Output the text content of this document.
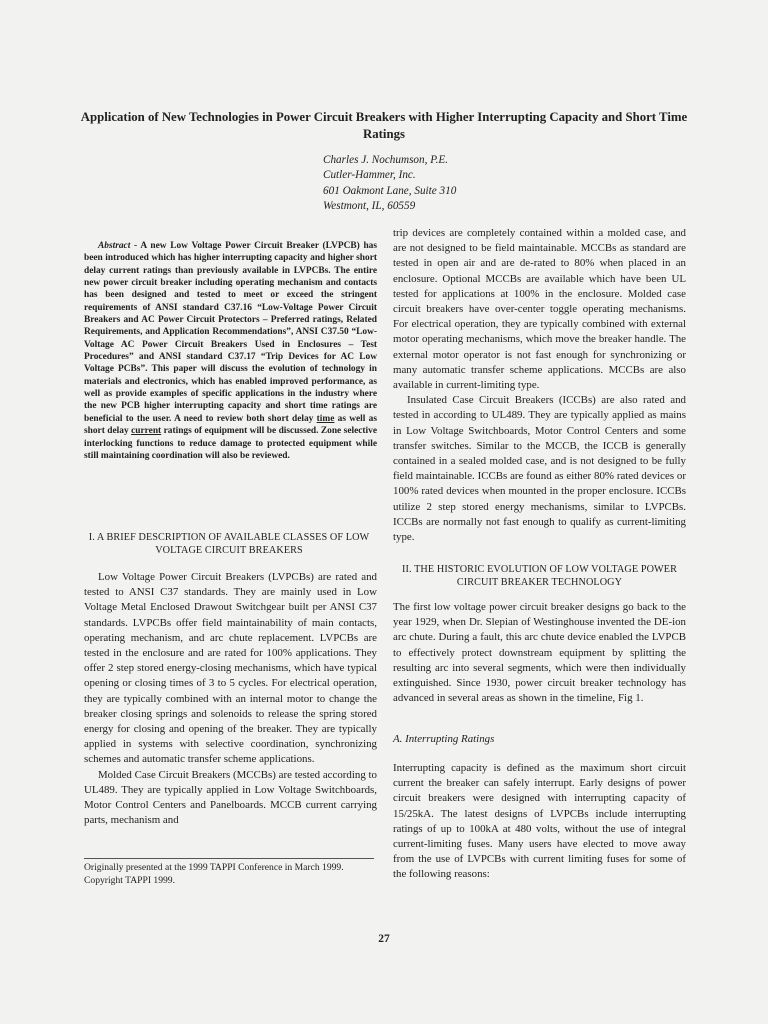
Application of New Technologies in Power Circuit Breakers with Higher Interrupting Capacity and Short Time Ratings
Charles J. Nochumson, P.E.
Cutler-Hammer, Inc.
601 Oakmont Lane, Suite 310
Westmont, IL, 60559
Abstract - A new Low Voltage Power Circuit Breaker (LVPCB) has been introduced which has higher interrupting capacity and higher short delay current ratings than previously available in LVPCBs. The entire new power circuit breaker including operating mechanism and contacts has been designed and tested to meet or exceed the stringent requirements of ANSI standard C37.16 “Low-Voltage Power Circuit Breakers and AC Power Circuit Protectors – Preferred ratings, Related Requirements, and Application Recommendations”, ANSI C37.50 “Low-Voltage AC Power Circuit Breakers Used in Enclosures – Test Procedures” and ANSI standard C37.17 “Trip Devices for AC Low Voltage PCBs”. This paper will discuss the evolution of technology in materials and electronics, which has enabled improved performance, as well as provide examples of specific applications in the industry where the new PCB higher interrupting capacity and short time ratings are beneficial to the user. A need to review both short delay time as well as short delay current ratings of equipment will be discussed. Zone selective interlocking functions to reduce damage to protected equipment while still maintaining coordination will also be reviewed.
I. A BRIEF DESCRIPTION OF AVAILABLE CLASSES OF LOW
VOLTAGE CIRCUIT BREAKERS

Low Voltage Power Circuit Breakers (LVPCBs) are rated and tested to ANSI C37 standards. They are mainly used in Low Voltage Metal Enclosed Drawout Switchgear built per ANSI C37 standards. LVPCBs offer field maintainability of main contacts, operating mechanism, and arc chute replacement. LVPCBs are tested in the enclosure and are rated for 100% applications. They offer 2 step stored energy-closing mechanisms, which have typical opening or closing times of 3 to 5 cycles. For electrical operation, they are typically combined with an internal motor to change the breaker closing springs and solenoids to release the spring stored energy for closing and opening of the breaker. They are typically applied in systems with selective coordination, synchronizing schemes and automatic transfer scheme applications.

Molded Case Circuit Breakers (MCCBs) are tested according to UL489. They are typically applied in Low Voltage Switchboards, Motor Control Centers and Panelboards. MCCB current carrying parts, mechanism and

Originally presented at the 1999 TAPPI Conference in March 1999.
Copyright TAPPI 1999.

trip devices are completely contained within a molded case, and are not designed to be field maintainable. MCCBs as standard are tested in open air and are de-rated to 80% when placed in an enclosure. Optional MCCBs are available which have been UL tested for applications at 100% in the enclosure. Molded case circuit breakers have over-center toggle operating mechanisms. For electrical operation, they are typically combined with external motor operating mechanisms, which move the breaker handle. The external motor operator is not fast enough for synchronizing or many automatic transfer scheme applications. MCCBs are also available in current-limiting type.

Insulated Case Circuit Breakers (ICCBs) are also rated and tested in according to UL489. They are typically applied as mains in Low Voltage Switchboards, Motor Control Centers and some transfer switches. Similar to the MCCB, the ICCB is generally contained in a sealed molded case, and is not designed to be fully field maintainable. ICCBs are found as either 80% rated devices or 100% rated devices when mounted in the proper enclosure. ICCBs utilize 2 step stored energy mechanisms, similar to LVPCBs. ICCBs are normally not fast enough to qualify as current-limiting type.

II. THE HISTORIC EVOLUTION OF LOW VOLTAGE POWER
CIRCUIT BREAKER TECHNOLOGY

The first low voltage power circuit breaker designs go back to the year 1929, when Dr. Slepian of Westinghouse invented the DE-ion arc chute. During a fault, this arc chute device enabled the LVPCB to effectively protect downstream equipment by splitting the resulting arc into several segments, which were then individually extinguished. Since 1930, power circuit breaker technology has advanced in several areas as shown in the timeline, Fig 1.

A. Interrupting Ratings

Interrupting capacity is defined as the maximum short circuit current the breaker can safely interrupt. Early designs of power circuit breakers were designed with interrupting capacity of 15/25kA. The latest designs of LVPCBs include interrupting ratings of up to 100kA at 480 volts, without the use of integral current-limiting fuses. Many users have elected to move away from the use of LVPCBs with current limiting fuses for some of the following reasons:

27
